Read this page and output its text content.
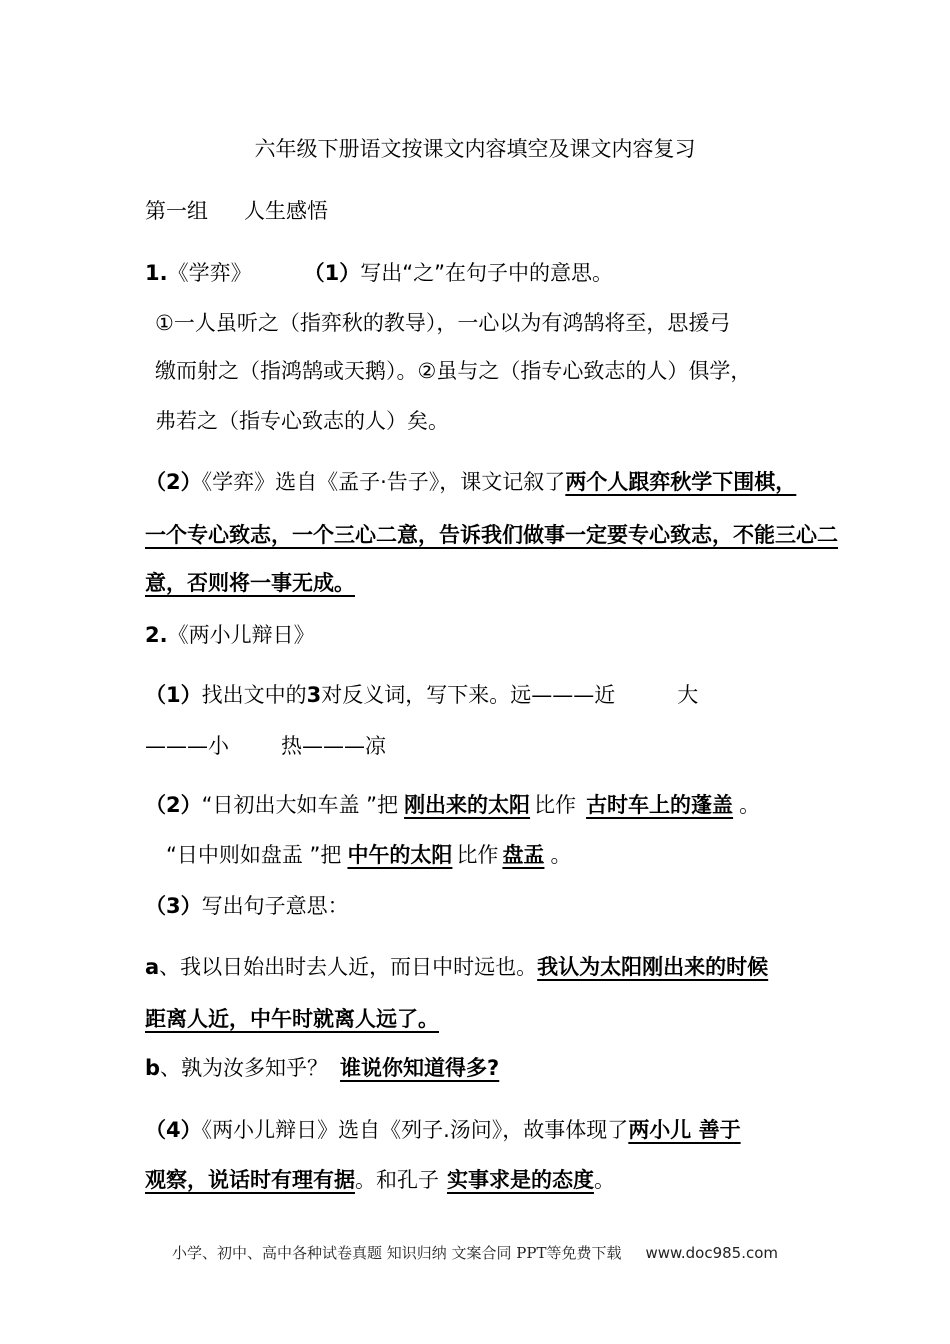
六年级下册语文按课文内容填空及课文内容复习
第一组 人生感悟
1.《学弈》 （1）写出“之”在句子中的意思。
①一人虽听之（指弈秋的教导），一心以为有鸿鹄将至，思援弓
缴而射之（指鸿鹄或天鹅）。②虽与之（指专心致志的人）俱学，
弗若之（指专心致志的人）矣。
（2）《学弈》选自《孟子·告子》，课文记叙了两个人跟弈秋学下围棋，
一个专心致志，一个三心二意，告诉我们做事一定要专心致志，不能三心二
意，否则将一事无成。
2.《两小儿辩日》
（1）找出文中的3对反义词，写下来。远———近	大
———小 热———凉
（2）“日初出大如车盖 ”把 刚出来的太阳 比作 古时车上的蓬盖 。
“日中则如盘盂 ”把 中午的太阳 比作 盘盂 。
（3）写出句子意思：
a、我以日始出时去人近，而日中时远也。我认为太阳刚出来的时候
距离人近，中午时就离人远了。
b、孰为汝多知乎？ 谁说你知道得多?
（4）《两小儿辩日》选自《列子.汤问》，故事体现了两小儿 善于
观察，说话时有理有据。和孔子 实事求是的态度。
小学、初中、高中各种试卷真题 知识归纳 文案合同 PPT等免费下载 www.doc985.com
